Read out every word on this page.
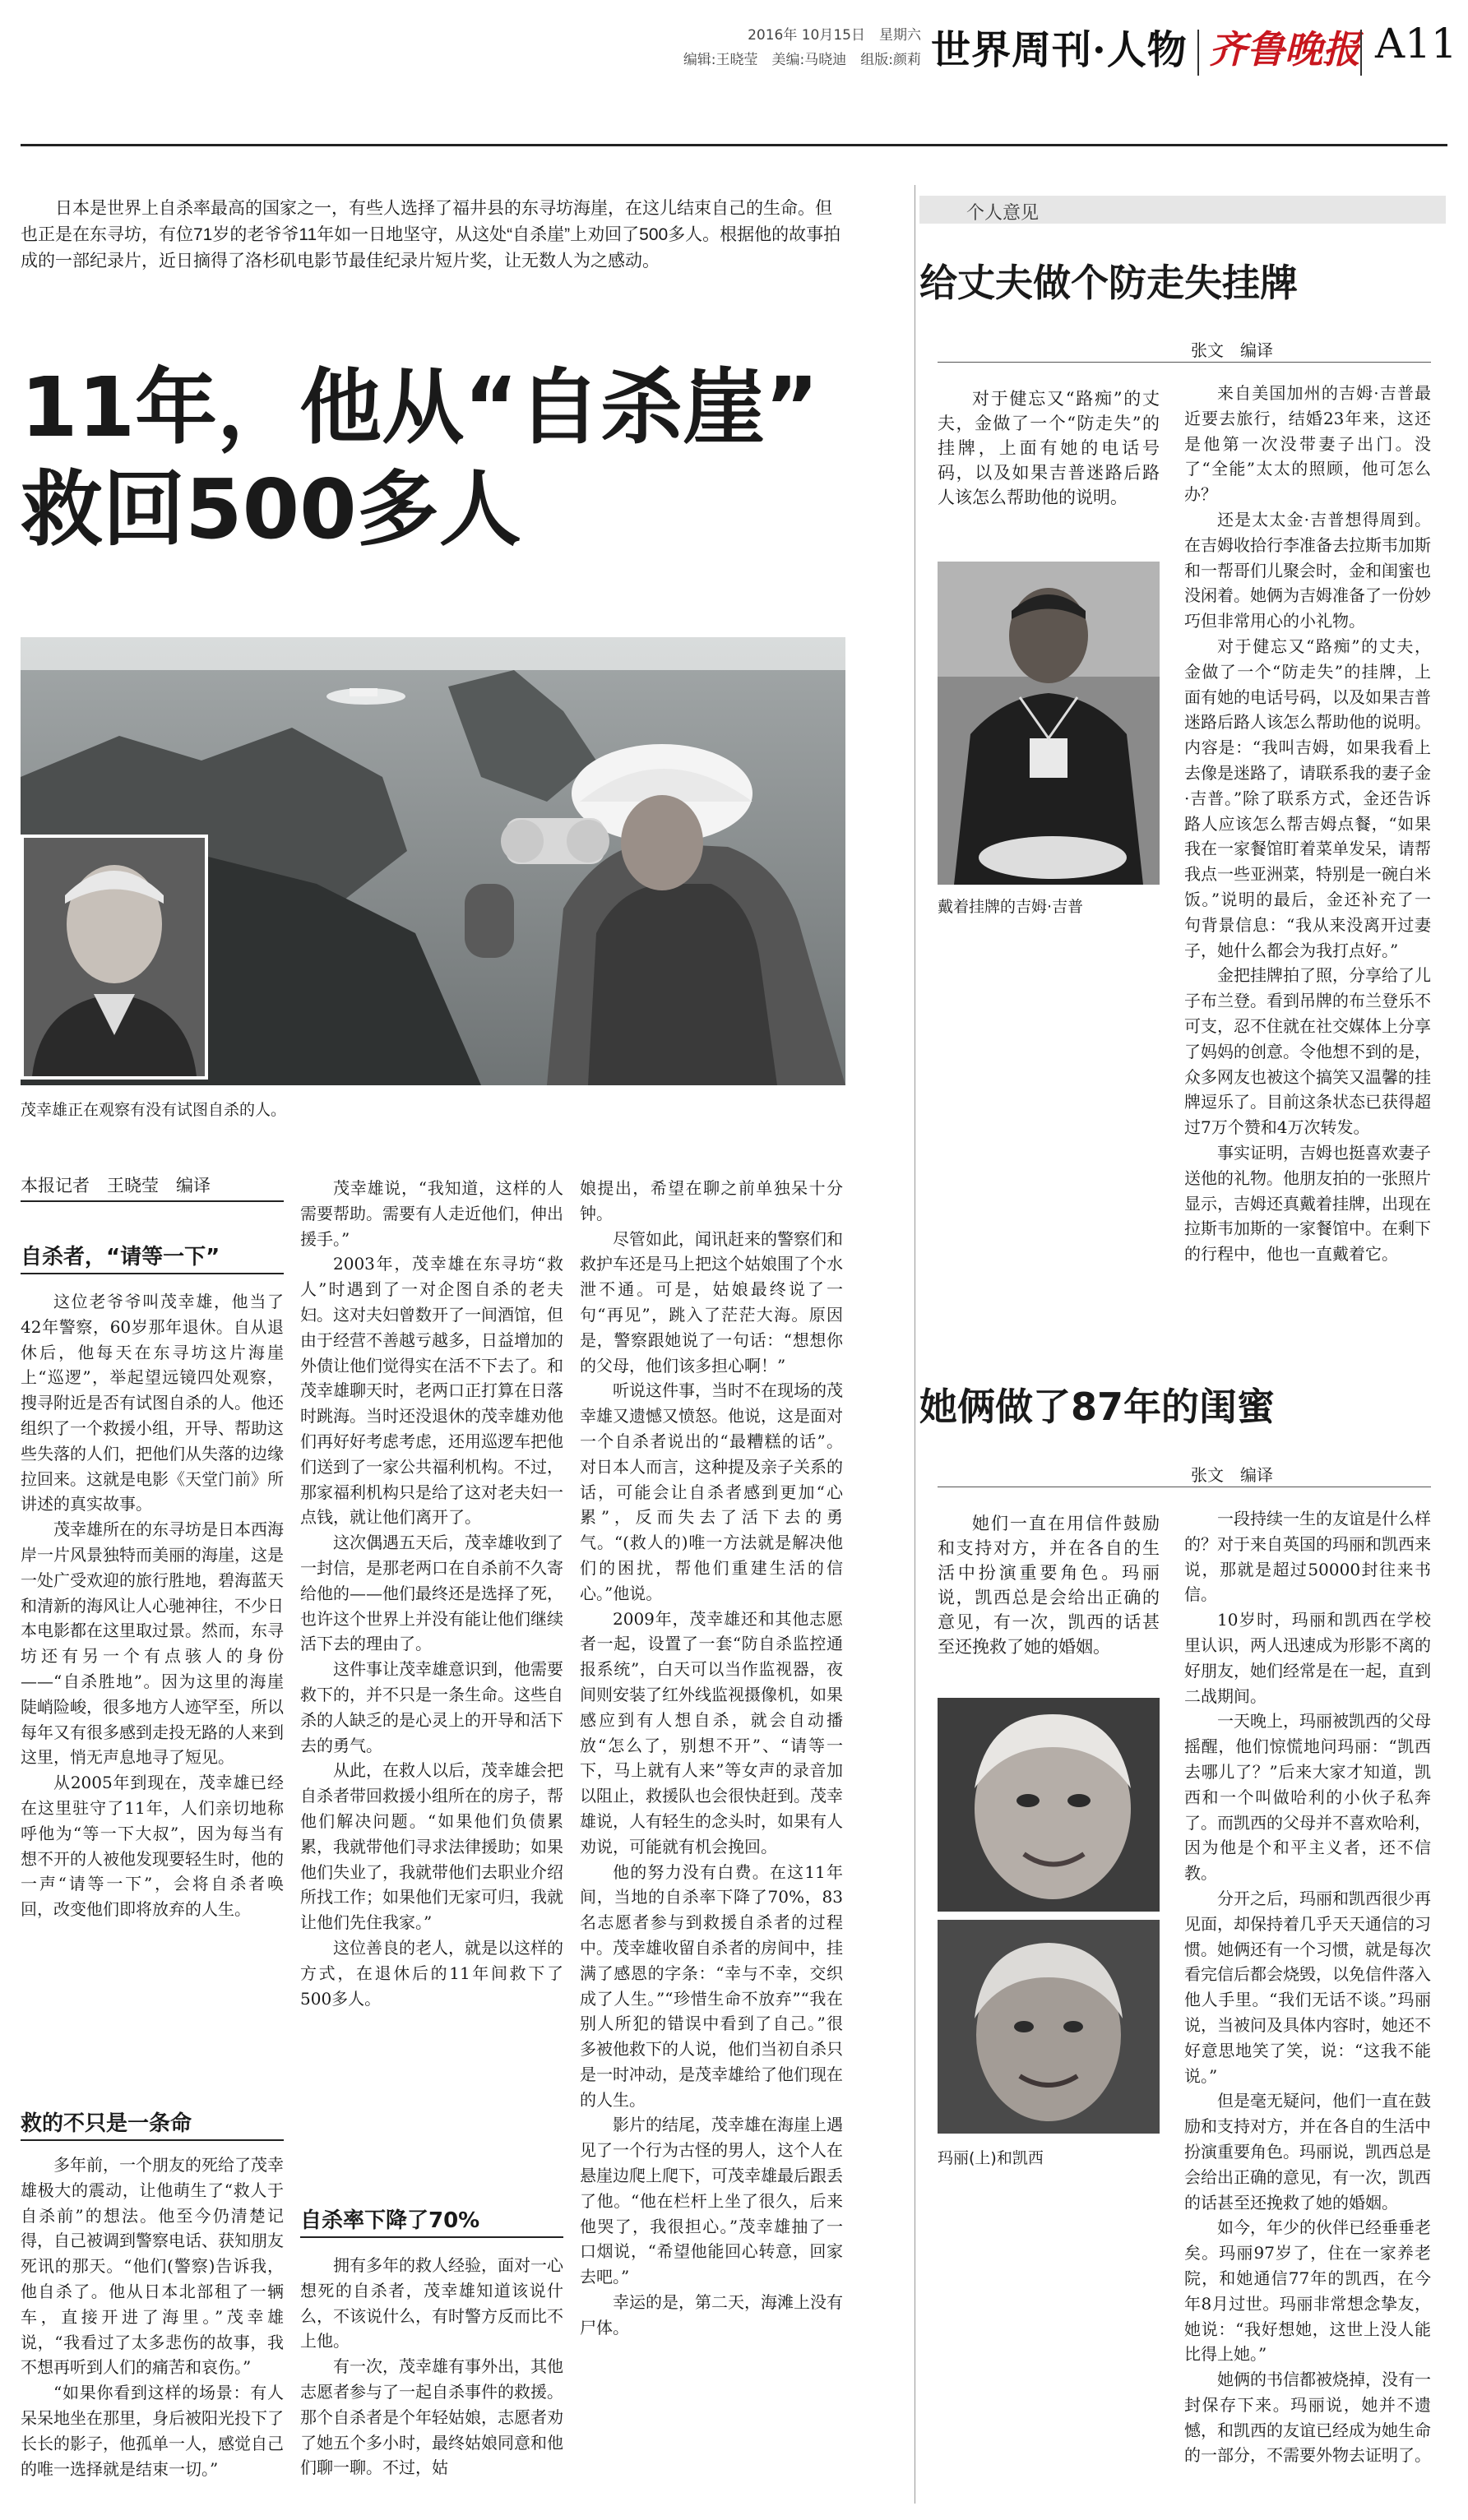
2016年 10月15日　星期六
编辑:王晓莹　美编:马晓迪　组版:颜莉 世界周刊·人物 齐鲁晚报 A11
日本是世界上自杀率最高的国家之一，有些人选择了福井县的东寻坊海崖，在这儿结束自己的生命。但也正是在东寻坊，有位71岁的老爷爷11年如一日地坚守，从这处“自杀崖”上劝回了500多人。根据他的故事拍成的一部纪录片，近日摘得了洛杉矶电影节最佳纪录片短片奖，让无数人为之感动。
11年，他从“自杀崖”
救回500多人
茂幸雄正在观察有没有试图自杀的人。
本报记者　王晓莹　编译
自杀者，“请等一下”

这位老爷爷叫茂幸雄，他当了42年警察，60岁那年退休。自从退休后，他每天在东寻坊这片海崖上“巡逻”，举起望远镜四处观察，搜寻附近是否有试图自杀的人。他还组织了一个救援小组，开导、帮助这些失落的人们，把他们从失落的边缘拉回来。这就是电影《天堂门前》所讲述的真实故事。

茂幸雄所在的东寻坊是日本西海岸一片风景独特而美丽的海崖，这是一处广受欢迎的旅行胜地，碧海蓝天和清新的海风让人心驰神往，不少日本电影都在这里取过景。然而，东寻坊还有另一个有点骇人的身份——“自杀胜地”。因为这里的海崖陡峭险峻，很多地方人迹罕至，所以每年又有很多感到走投无路的人来到这里，悄无声息地寻了短见。

从2005年到现在，茂幸雄已经在这里驻守了11年，人们亲切地称呼他为“等一下大叔”，因为每当有想不开的人被他发现要轻生时，他的一声“请等一下”，会将自杀者唤回，改变他们即将放弃的人生。

救的不只是一条命

多年前，一个朋友的死给了茂幸雄极大的震动，让他萌生了“救人于自杀前”的想法。他至今仍清楚记得，自己被调到警察电话、获知朋友死讯的那天。“他们(警察)告诉我，他自杀了。他从日本北部租了一辆车，直接开进了海里。”茂幸雄说，“我看过了太多悲伤的故事，我不想再听到人们的痛苦和哀伤。”

“如果你看到这样的场景：有人呆呆地坐在那里，身后被阳光投下了长长的影子，他孤单一人，感觉自己的唯一选择就是结束一切。”

茂幸雄说，“我知道，这样的人需要帮助。需要有人走近他们，伸出援手。”

2003年，茂幸雄在东寻坊“救人”时遇到了一对企图自杀的老夫妇。这对夫妇曾数开了一间酒馆，但由于经营不善越亏越多，日益增加的外债让他们觉得实在活不下去了。和茂幸雄聊天时，老两口正打算在日落时跳海。当时还没退休的茂幸雄劝他们再好好考虑考虑，还用巡逻车把他们送到了一家公共福利机构。不过，那家福利机构只是给了这对老夫妇一点钱，就让他们离开了。

这次偶遇五天后，茂幸雄收到了一封信，是那老两口在自杀前不久寄给他的——他们最终还是选择了死，也许这个世界上并没有能让他们继续活下去的理由了。

这件事让茂幸雄意识到，他需要救下的，并不只是一条生命。这些自杀的人缺乏的是心灵上的开导和活下去的勇气。

从此，在救人以后，茂幸雄会把自杀者带回救援小组所在的房子，帮他们解决问题。“如果他们负债累累，我就带他们寻求法律援助；如果他们失业了，我就带他们去职业介绍所找工作；如果他们无家可归，我就让他们先住我家。”

这位善良的老人，就是以这样的方式，在退休后的11年间救下了500多人。

自杀率下降了70%

拥有多年的救人经验，面对一心想死的自杀者，茂幸雄知道该说什么，不该说什么，有时警方反而比不上他。

有一次，茂幸雄有事外出，其他志愿者参与了一起自杀事件的救援。那个自杀者是个年轻姑娘，志愿者劝了她五个多小时，最终姑娘同意和他们聊一聊。不过，姑

娘提出，希望在聊之前单独呆十分钟。

尽管如此，闻讯赶来的警察们和救护车还是马上把这个姑娘围了个水泄不通。可是，姑娘最终说了一句“再见”，跳入了茫茫大海。原因是，警察跟她说了一句话：“想想你的父母，他们该多担心啊！”

听说这件事，当时不在现场的茂幸雄又遗憾又愤怒。他说，这是面对一个自杀者说出的“最糟糕的话”。对日本人而言，这种提及亲子关系的话，可能会让自杀者感到更加“心累”，反而失去了活下去的勇气。“(救人的)唯一方法就是解决他们的困扰，帮他们重建生活的信心。”他说。

2009年，茂幸雄还和其他志愿者一起，设置了一套“防自杀监控通报系统”，白天可以当作监视器，夜间则安装了红外线监视摄像机，如果感应到有人想自杀，就会自动播放“怎么了，别想不开”、“请等一下，马上就有人来”等女声的录音加以阻止，救援队也会很快赶到。茂幸雄说，人有轻生的念头时，如果有人劝说，可能就有机会挽回。

他的努力没有白费。在这11年间，当地的自杀率下降了70%，83名志愿者参与到救援自杀者的过程中。茂幸雄收留自杀者的房间中，挂满了感恩的字条：“幸与不幸，交织成了人生。”“珍惜生命不放弃”“我在别人所犯的错误中看到了自己。”很多被他救下的人说，他们当初自杀只是一时冲动，是茂幸雄给了他们现在的人生。

影片的结尾，茂幸雄在海崖上遇见了一个行为古怪的男人，这个人在悬崖边爬上爬下，可茂幸雄最后跟丢了他。“他在栏杆上坐了很久，后来他哭了，我很担心。”茂幸雄抽了一口烟说，“希望他能回心转意，回家去吧。”

幸运的是，第二天，海滩上没有尸体。

个人意见
给丈夫做个防走失挂牌
张文　编译
对于健忘又“路痴”的丈夫，金做了一个“防走失”的挂牌，上面有她的电话号码，以及如果吉普迷路后路人该怎么帮助他的说明。
戴着挂牌的吉姆·吉普

来自美国加州的吉姆·吉普最近要去旅行，结婚23年来，这还是他第一次没带妻子出门。没了“全能”太太的照顾，他可怎么办？

还是太太金·吉普想得周到。在吉姆收拾行李准备去拉斯韦加斯和一帮哥们儿聚会时，金和闺蜜也没闲着。她俩为吉姆准备了一份妙巧但非常用心的小礼物。

对于健忘又“路痴”的丈夫，金做了一个“防走失”的挂牌，上面有她的电话号码，以及如果吉普迷路后路人该怎么帮助他的说明。内容是：“我叫吉姆，如果我看上去像是迷路了，请联系我的妻子金·吉普。”除了联系方式，金还告诉路人应该怎么帮吉姆点餐，“如果我在一家餐馆盯着菜单发呆，请帮我点一些亚洲菜，特别是一碗白米饭。”说明的最后，金还补充了一句背景信息：“我从来没离开过妻子，她什么都会为我打点好。”

金把挂牌拍了照，分享给了儿子布兰登。看到吊牌的布兰登乐不可支，忍不住就在社交媒体上分享了妈妈的创意。令他想不到的是，众多网友也被这个搞笑又温馨的挂牌逗乐了。目前这条状态已获得超过7万个赞和4万次转发。

事实证明，吉姆也挺喜欢妻子送他的礼物。他朋友拍的一张照片显示，吉姆还真戴着挂牌，出现在拉斯韦加斯的一家餐馆中。在剩下的行程中，他也一直戴着它。

她俩做了87年的闺蜜
张文　编译
她们一直在用信件鼓励和支持对方，并在各自的生活中扮演重要角色。玛丽说，凯西总是会给出正确的意见，有一次，凯西的话甚至还挽救了她的婚姻。
玛丽(上)和凯西

一段持续一生的友谊是什么样的？对于来自英国的玛丽和凯西来说，那就是超过50000封往来书信。

10岁时，玛丽和凯西在学校里认识，两人迅速成为形影不离的好朋友，她们经常是在一起，直到二战期间。

一天晚上，玛丽被凯西的父母摇醒，他们惊慌地问玛丽：“凯西去哪儿了？”后来大家才知道，凯西和一个叫做哈利的小伙子私奔了。而凯西的父母并不喜欢哈利，因为他是个和平主义者，还不信教。

分开之后，玛丽和凯西很少再见面，却保持着几乎天天通信的习惯。她俩还有一个习惯，就是每次看完信后都会烧毁，以免信件落入他人手里。“我们无话不谈。”玛丽说，当被问及具体内容时，她还不好意思地笑了笑，说：“这我不能说。”

但是毫无疑问，他们一直在鼓励和支持对方，并在各自的生活中扮演重要角色。玛丽说，凯西总是会给出正确的意见，有一次，凯西的话甚至还挽救了她的婚姻。

如今，年少的伙伴已经垂垂老矣。玛丽97岁了，住在一家养老院，和她通信77年的凯西，在今年8月过世。玛丽非常想念挚友，她说：“我好想她，这世上没人能比得上她。”

她俩的书信都被烧掉，没有一封保存下来。玛丽说，她并不遗憾，和凯西的友谊已经成为她生命的一部分，不需要外物去证明了。
